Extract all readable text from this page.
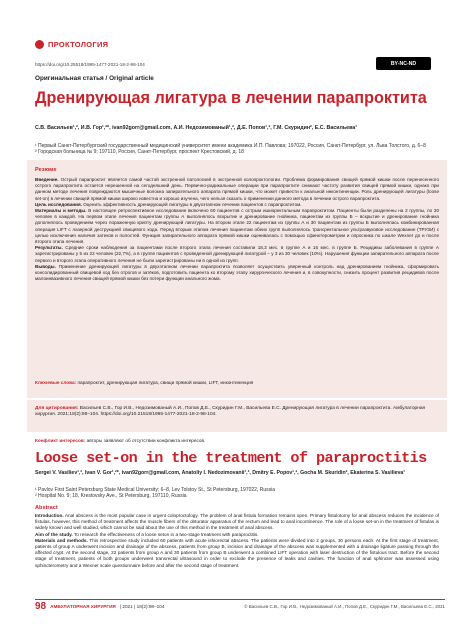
ПРОКТОЛОГИЯ
https://doi.org/10.25518/1995-1477-2021-18-2-98-104	BY-NC-ND
Оригинальная статья / Original article
Дренирующая лигатура в лечении парапроктита
С.В. Васильев¹,², И.В. Гор¹,²*, ivan92gorr@gmail.com, А.И. Недозимованый¹,², Д.Е. Попов¹,², Г.М. Скуридин², Е.С. Васильева¹
¹ Первый Санкт-Петербургский государственный медицинский университет имени академика И.П. Павлова; 197022, Россия, Санкт-Петербург, ул. Льва Толстого, д. 6–8
² Городская больница № 9; 197110, Россия, Санкт-Петербург, проспект Крестовский, д. 18
Резюме

Введение. Острый парапроктит является самой частой экстренной патологией в экстренной колопроктологии. Проблема формирования свищей прямой кишки после перенесенного острого парапроктита остается нерешенной на сегодняшний день. Первично-радикальные операции при парапроктите снижают частоту развития свищей прямой кишки, однако при данном методе лечения повреждаются мышечные волокна запирательного аппарата прямой кишки, что может привести к анальной инконтиненции. Роль дренирующей лигатуры (loose set-on) в лечении свищей прямой кишки широко известна и хорошо изучена, чего нельзя сказать о применении данного метода в лечении острого парапроктита.

Цель исследования. Оценить эффективность дренирующей лигатуры в двухэтапном лечении пациентов с парапроктитом.

Материалы и методы. В настоящее ретроспективное исследование включено 60 пациентов с острым ишиоректальным парапроктитом. Пациенты были разделены на 2 группы, по 30 человек в каждой. На первом этапе лечения пациентам группы А выполнялось вскрытие и дренирование гнойника, пациентам из группы Б – вскрытие и дренирование гнойника дополнялось проведением через пораженную крипту дренирующей лигатуры. На втором этапе 22 пациентам из группы А и 30 пациентам из группы Б выполнялась комбинированная операция LIFT с лазерной деструкцией свищевого хода. Перед вторым этапом лечения пациентам обеих групп выполнялось трансректальное ультразвуковое исследование (ТРУЗИ) с целью исключения наличия затеков и полостей. Функция запирательного аппарата прямой кишки оценивалась с помощью сфинктерометрии и опросника по шкале Wexner до и после второго этапа лечения.

Результаты. Средние сроки наблюдения за пациентами после второго этапа лечения составили 18,3 мес. в группе А и 16 мес. в группе Б. Рецидивы заболевания в группе А зарегистрированы у 5 из 22 человек (22,7%), а в группе пациентов с проведенной дренирующей лигатурой – у 3 из 30 человек (10%). Нарушения функции запирательного аппарата после первого и второго этапа оперативного лечения не были зарегистрированы ни в одной из групп.

Выводы. Применение дренирующей лигатуры в двухэтапном лечении парапроктита позволяет осуществить уверенный контроль над дренированием гнойника, сформировать консолидированный свищевой ход без отрогов и затёков, подготовить пациента ко второму этапу хирургического лечения и, в совокупности, снизить процент развития рецидивов после малоинвазивного лечения свищей прямой кишки без потери функции анального жома.

Ключевые слова: парапроктит, дренирующая лигатура, свищи прямой кишки, LIFT, инконтиненция
Для цитирования: Васильев С.В., Гор И.В., Недозимованый А.И., Попов Д.Е., Скуридин Г.М., Васильева Е.С. Дренирующая лигатура в лечении парапроктита. Амбулаторная хирургия. 2021;18(2):98–104. https://doi.org/10.21518/1995-1477-2021-18-2-98-104.
Конфликт интересов: авторы заявляют об отсутствии конфликта интересов.
Loose set-on in the treatment of paraproctitis
Sergei V. Vasiliev¹,², Ivan V. Gor¹,²*, ivan92gorr@gmail.com, Anatoliy I. Nedozimovanii¹,², Dmitry E. Popov¹,², Gocha M. Skuridin², Ekaterina S. Vasilieva¹
¹ Pavlov First Saint Petersburg State Medical University; 6–8, Lev Tolstoy St., St Petersburg, 197022, Russia
² Hospital No. 9; 18, Krestovsky Ave., St Petersburg, 197110, Russia
Abstract

Introduction. Anal abscess is the most popular case in urgent coloproctology. The problem of anal fistula formation remains open. Primary fistulotomy for anal abscess reduces the incidence of fistulas, however, this method of treatment affects the muscle fibers of the obturator apparatus of the rectum and lead to anal incontinence. The role of a loose set-on in the treatment of fistulas is widely known and well studied, which cannot be said about the use of this method in the treatment of anal abscess.

Aim of the study. To research the effectiveness of a loose seton in a two-stage treatment with paraproctitis.

Materials and methods. This retrospective study included 60 patients with acute ishiorectal abscess. The patients were divided into 2 groups, 30 persons each. At the first stage of treatment, patients of group A underwent incision and drainage of the abscess, patients from group B, incision and drainage of the abscess was supplemented with a drainage ligature passing through the affected crypt. At the second stage, 22 patients from group A and 30 patients from group B underwent a combined LIFT operation with laser destruction of the fistulous tract. Before the second stage of treatment, patients of both groups underwent transrectal ultrasound in order to exclude the presence of leaks and cavities. The function of anal sphincter was assessed using sphincterometry and a Wexner scale questionnaire before and after the second stage of treatment.

98 АМБУЛАТОРНАЯ ХИРУРГИЯ | 2021 | 18(2):98–104	© Васильев С.В., Гор И.В., Недозимованый А.И., Попов Д.Е., Скуридин Г.М., Васильева Е.С., 2021
